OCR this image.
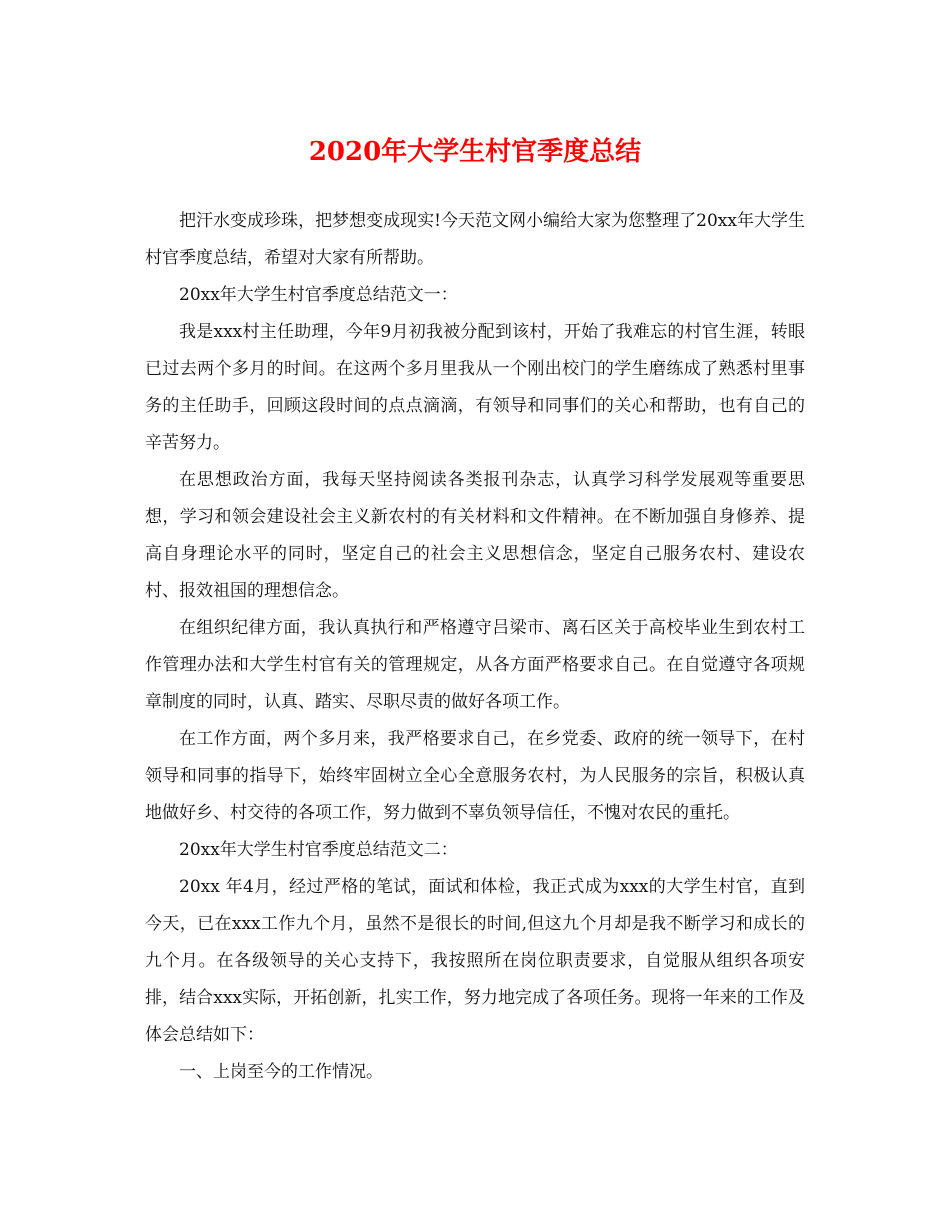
2020年大学生村官季度总结

把汗水变成珍珠，把梦想变成现实!今天范文网小编给大家为您整理了20xx年大学生村官季度总结，希望对大家有所帮助。

20xx年大学生村官季度总结范文一：

我是xxx村主任助理，今年9月初我被分配到该村，开始了我难忘的村官生涯，转眼已过去两个多月的时间。在这两个多月里我从一个刚出校门的学生磨练成了熟悉村里事务的主任助手，回顾这段时间的点点滴滴，有领导和同事们的关心和帮助，也有自己的辛苦努力。

在思想政治方面，我每天坚持阅读各类报刊杂志，认真学习科学发展观等重要思想，学习和领会建设社会主义新农村的有关材料和文件精神。在不断加强自身修养、提高自身理论水平的同时，坚定自己的社会主义思想信念，坚定自己服务农村、建设农村、报效祖国的理想信念。

在组织纪律方面，我认真执行和严格遵守吕梁市、离石区关于高校毕业生到农村工作管理办法和大学生村官有关的管理规定，从各方面严格要求自己。在自觉遵守各项规章制度的同时，认真、踏实、尽职尽责的做好各项工作。

在工作方面，两个多月来，我严格要求自己，在乡党委、政府的统一领导下，在村领导和同事的指导下，始终牢固树立全心全意服务农村，为人民服务的宗旨，积极认真地做好乡、村交待的各项工作，努力做到不辜负领导信任，不愧对农民的重托。

20xx年大学生村官季度总结范文二：

20xx 年4月，经过严格的笔试，面试和体检，我正式成为xxx的大学生村官，直到今天，已在xxx工作九个月，虽然不是很长的时间,但这九个月却是我不断学习和成长的九个月。在各级领导的关心支持下，我按照所在岗位职责要求，自觉服从组织各项安排，结合xxx实际，开拓创新，扎实工作，努力地完成了各项任务。现将一年来的工作及体会总结如下：

一、上岗至今的工作情况。
